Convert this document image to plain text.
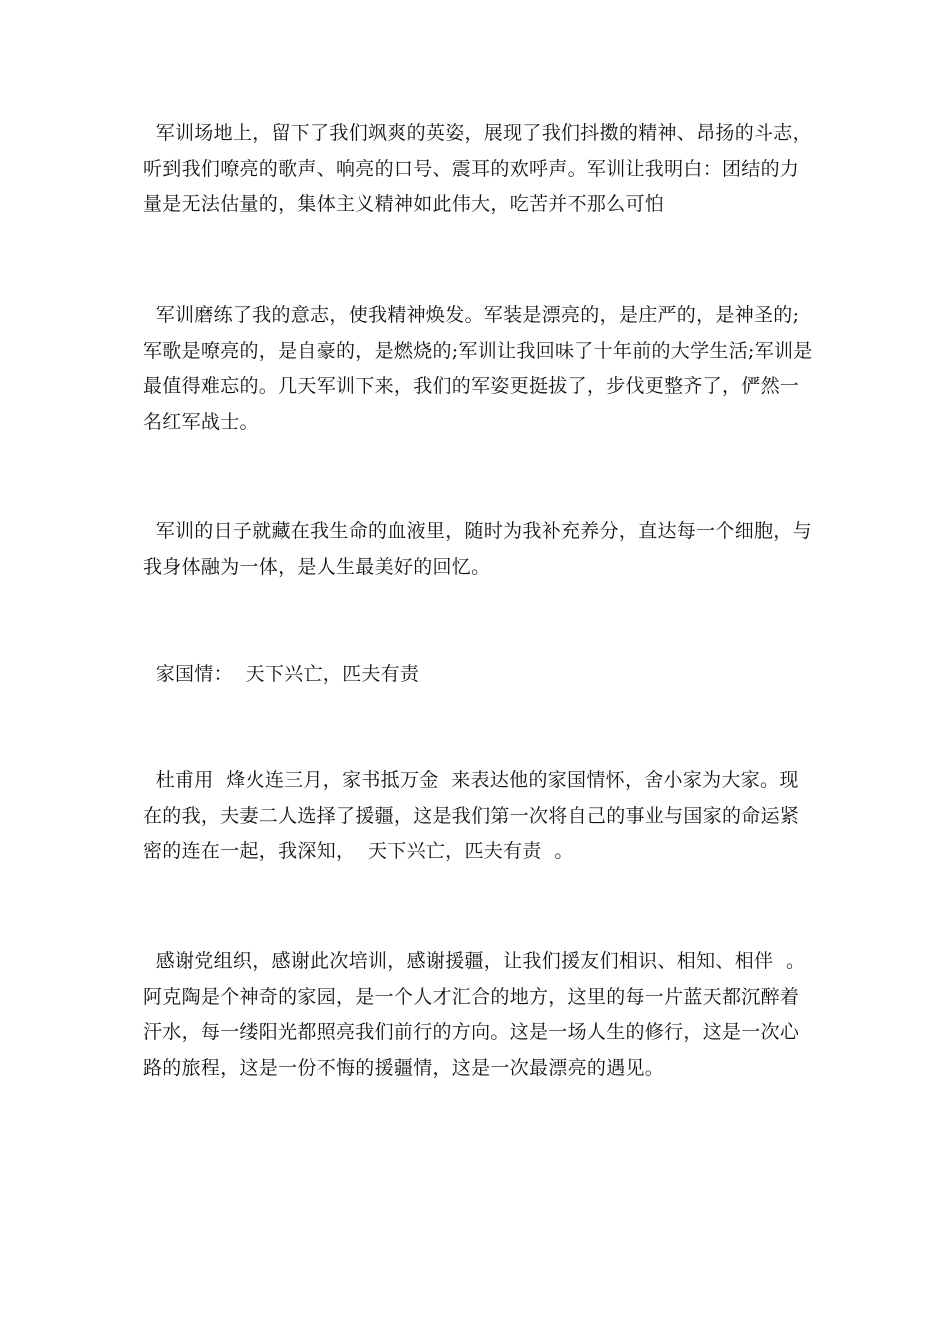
军训场地上，留下了我们飒爽的英姿，展现了我们抖擞的精神、昂扬的斗志，听到我们嘹亮的歌声、响亮的口号、震耳的欢呼声。军训让我明白：团结的力量是无法估量的，集体主义精神如此伟大，吃苦并不那么可怕

军训磨练了我的意志，使我精神焕发。军装是漂亮的，是庄严的，是神圣的;军歌是嘹亮的，是自豪的，是燃烧的;军训让我回味了十年前的大学生活;军训是最值得难忘的。几天军训下来，我们的军姿更挺拔了，步伐更整齐了，俨然一名红军战士。

军训的日子就藏在我生命的血液里，随时为我补充养分，直达每一个细胞，与我身体融为一体，是人生最美好的回忆。

家国情：  天下兴亡，匹夫有责

杜甫用  烽火连三月，家书抵万金  来表达他的家国情怀，舍小家为大家。现在的我，夫妻二人选择了援疆，这是我们第一次将自己的事业与国家的命运紧密的连在一起，我深知，  天下兴亡，匹夫有责  。

感谢党组织，感谢此次培训，感谢援疆，让我们援友们相识、相知、相伴  。阿克陶是个神奇的家园，是一个人才汇合的地方，这里的每一片蓝天都沉醉着汗水，每一缕阳光都照亮我们前行的方向。这是一场人生的修行，这是一次心路的旅程，这是一份不悔的援疆情，这是一次最漂亮的遇见。
